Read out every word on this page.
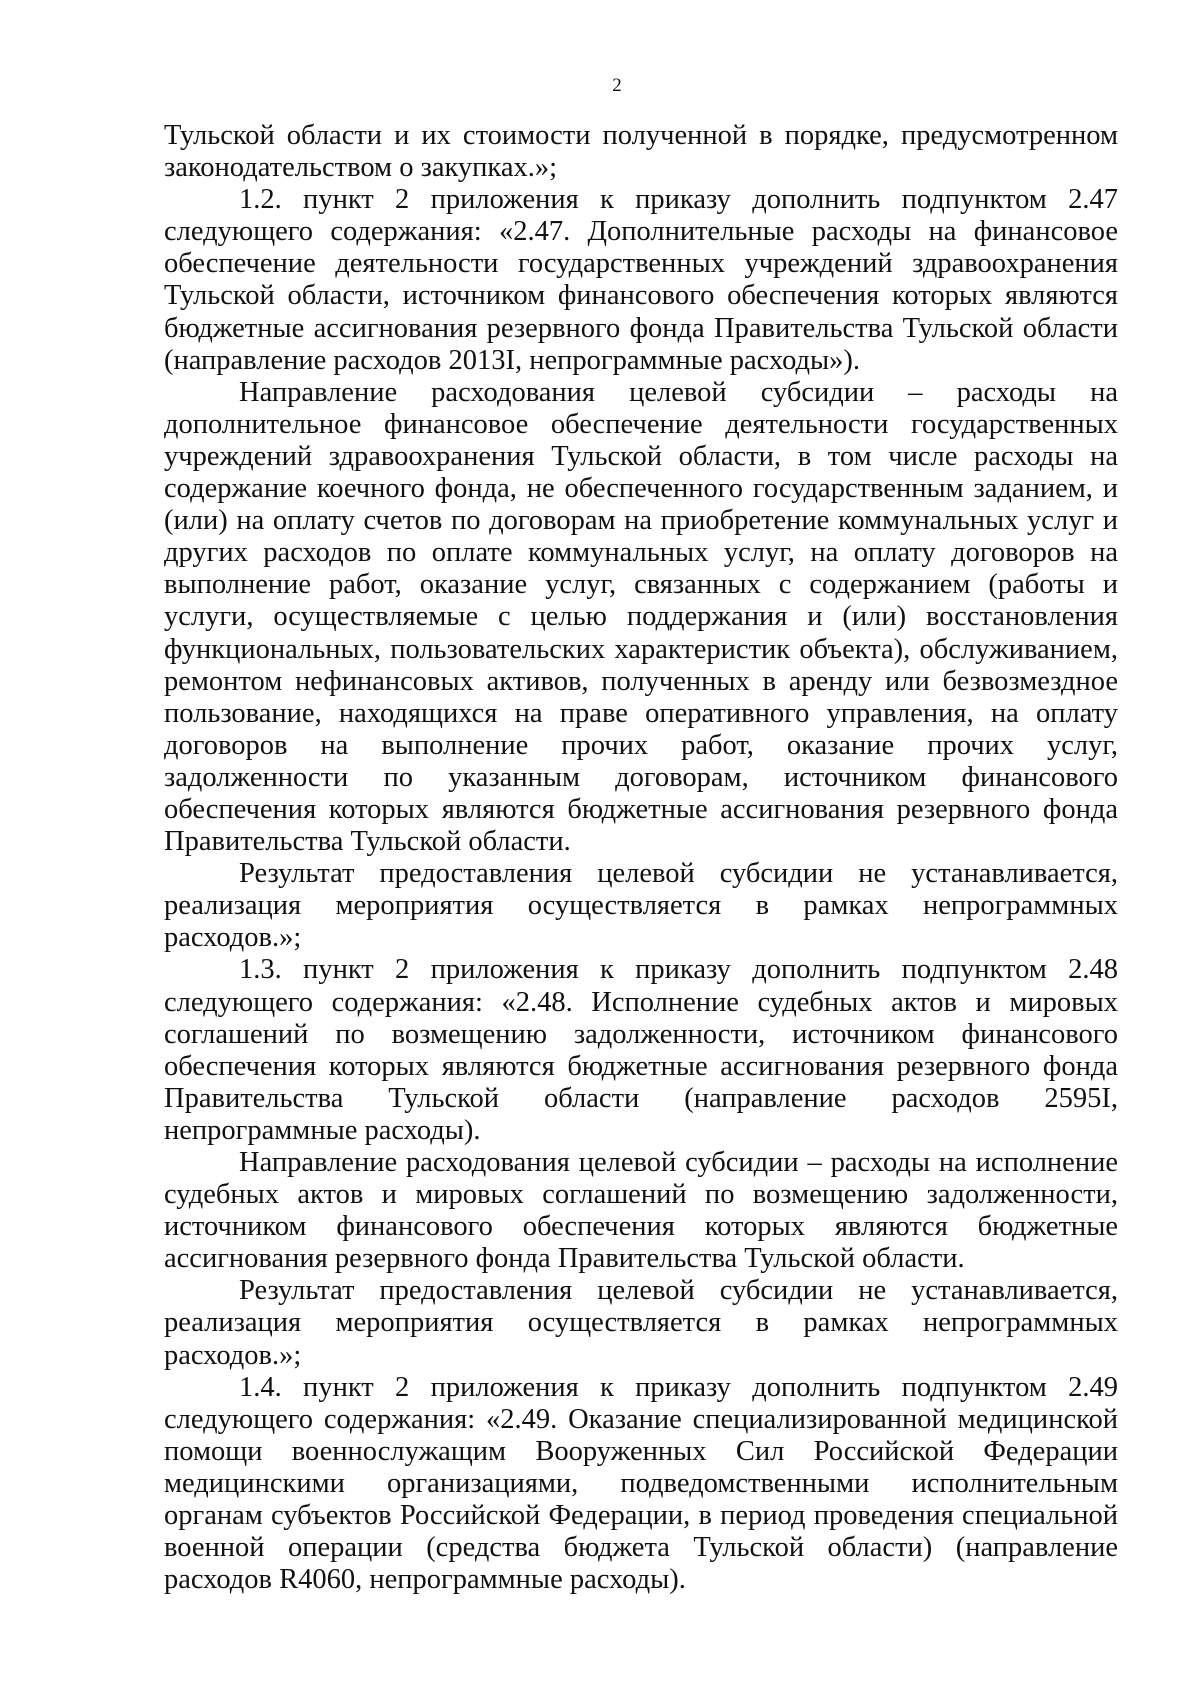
2

Тульской области и их стоимости полученной в порядке, предусмотренном законодательством о закупках.»;

1.2. пункт 2 приложения к приказу дополнить подпунктом 2.47 следующего содержания: «2.47. Дополнительные расходы на финансовое обеспечение деятельности государственных учреждений здравоохранения Тульской области, источником финансового обеспечения которых являются бюджетные ассигнования резервного фонда Правительства Тульской области (направление расходов 2013I, непрограммные расходы»).

Направление расходования целевой субсидии – расходы на дополнительное финансовое обеспечение деятельности государственных учреждений здравоохранения Тульской области, в том числе расходы на содержание коечного фонда, не обеспеченного государственным заданием, и (или) на оплату счетов по договорам на приобретение коммунальных услуг и других расходов по оплате коммунальных услуг, на оплату договоров на выполнение работ, оказание услуг, связанных с содержанием (работы и услуги, осуществляемые с целью поддержания и (или) восстановления функциональных, пользовательских характеристик объекта), обслуживанием, ремонтом нефинансовых активов, полученных в аренду или безвозмездное пользование, находящихся на праве оперативного управления, на оплату договоров на выполнение прочих работ, оказание прочих услуг, задолженности по указанным договорам, источником финансового обеспечения которых являются бюджетные ассигнования резервного фонда Правительства Тульской области.

Результат предоставления целевой субсидии не устанавливается, реализация мероприятия осуществляется в рамках непрограммных расходов.»;

1.3. пункт 2 приложения к приказу дополнить подпунктом 2.48 следующего содержания: «2.48. Исполнение судебных актов и мировых соглашений по возмещению задолженности, источником финансового обеспечения которых являются бюджетные ассигнования резервного фонда Правительства Тульской области (направление расходов 2595I, непрограммные расходы).

Направление расходования целевой субсидии – расходы на исполнение судебных актов и мировых соглашений по возмещению задолженности, источником финансового обеспечения которых являются бюджетные ассигнования резервного фонда Правительства Тульской области.

Результат предоставления целевой субсидии не устанавливается, реализация мероприятия осуществляется в рамках непрограммных расходов.»;

1.4. пункт 2 приложения к приказу дополнить подпунктом 2.49 следующего содержания: «2.49. Оказание специализированной медицинской помощи военнослужащим Вооруженных Сил Российской Федерации медицинскими организациями, подведомственными исполнительным органам субъектов Российской Федерации, в период проведения специальной военной операции (средства бюджета Тульской области) (направление расходов R4060, непрограммные расходы).
